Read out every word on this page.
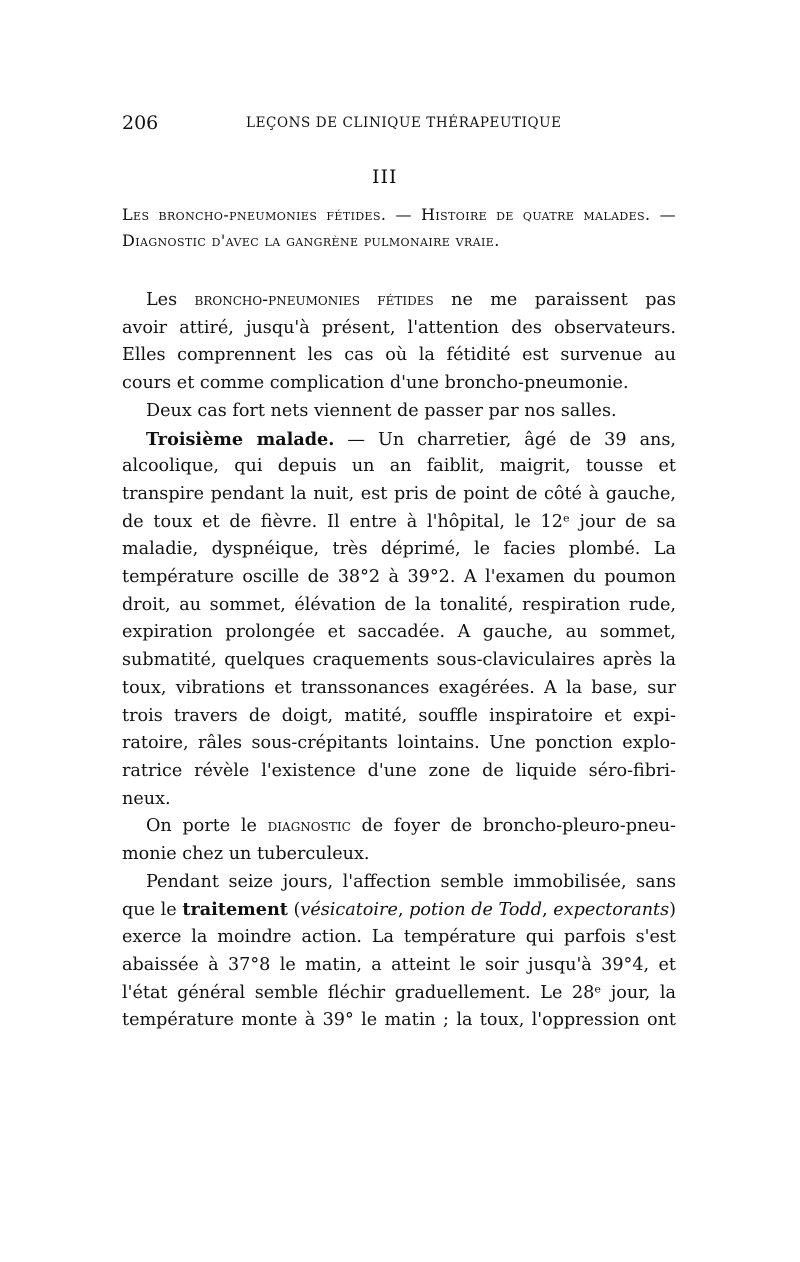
206	LEÇONS DE CLINIQUE THÉRAPEUTIQUE
III
Les broncho-pneumonies fétides. — Histoire de quatre malades. — Diagnostic d'avec la gangrène pulmonaire vraie.
Les broncho-pneumonies fétides ne me paraissent pas
avoir attiré, jusqu'à présent, l'attention des observateurs.
Elles comprennent les cas où la fétidité est survenue au
cours et comme complication d'une broncho-pneumonie.
Deux cas fort nets viennent de passer par nos salles.
Troisième malade. — Un charretier, âgé de 39 ans,
alcoolique, qui depuis un an faiblit, maigrit, tousse et
transpire pendant la nuit, est pris de point de côté à gauche,
de toux et de fièvre. Il entre à l'hôpital, le 12ᵉ jour de sa
maladie, dyspnéique, très déprimé, le facies plombé. La
température oscille de 38°2 à 39°2. A l'examen du poumon
droit, au sommet, élévation de la tonalité, respiration rude,
expiration prolongée et saccadée. A gauche, au sommet,
submatité, quelques craquements sous-claviculaires après la
toux, vibrations et transsonances exagérées. A la base, sur
trois travers de doigt, matité, souffle inspiratoire et expi-
ratoire, râles sous-crépitants lointains. Une ponction explo-
ratrice révèle l'existence d'une zone de liquide séro-fibri-
neux.
On porte le diagnostic de foyer de broncho-pleuro-pneu-
monie chez un tuberculeux.
Pendant seize jours, l'affection semble immobilisée, sans
que le traitement (vésicatoire, potion de Todd, expectorants)
exerce la moindre action. La température qui parfois s'est
abaissée à 37°8 le matin, a atteint le soir jusqu'à 39°4, et
l'état général semble fléchir graduellement. Le 28ᵉ jour, la
température monte à 39° le matin ; la toux, l'oppression ont
